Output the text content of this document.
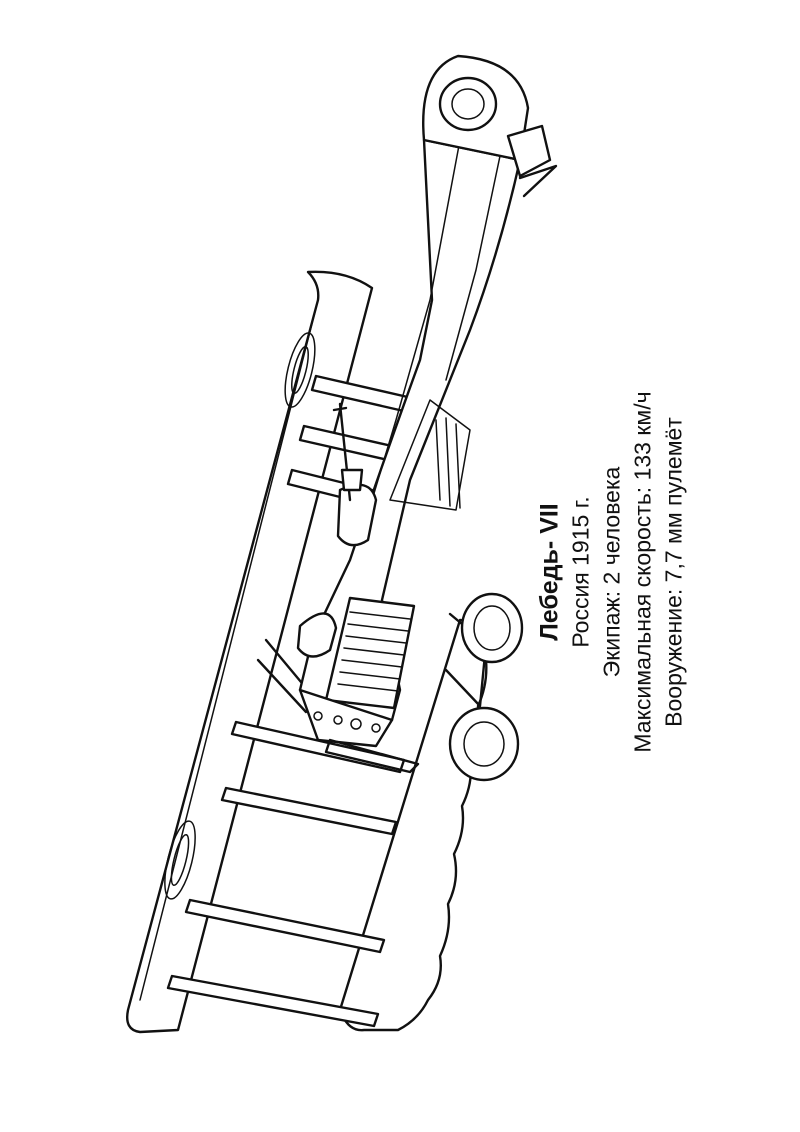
Лебедь- VII Россия 1915 г. Экипаж: 2 человека Максимальная скорость: 133 км/ч Вооружение: 7,7 мм пулемёт
